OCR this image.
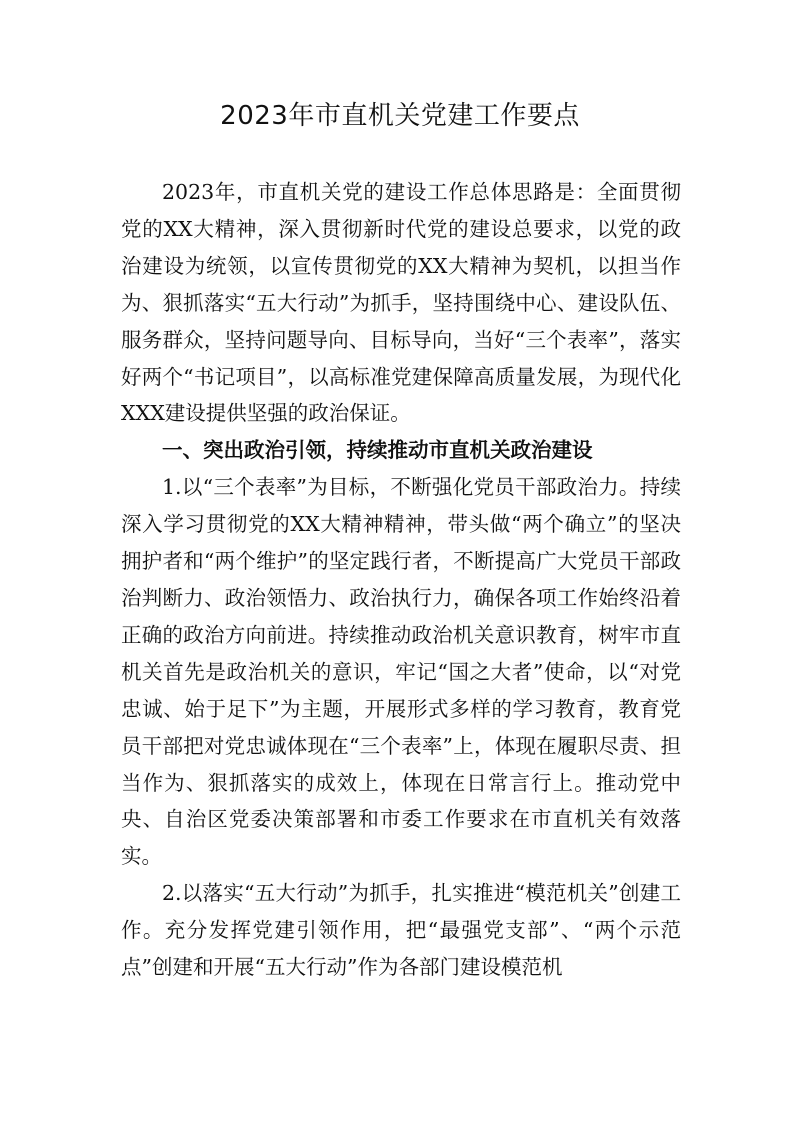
2023年市直机关党建工作要点

2023年，市直机关党的建设工作总体思路是：全面贯彻党的XX大精神，深入贯彻新时代党的建设总要求，以党的政治建设为统领，以宣传贯彻党的XX大精神为契机，以担当作为、狠抓落实“五大行动”为抓手，坚持围绕中心、建设队伍、服务群众，坚持问题导向、目标导向，当好“三个表率”，落实好两个“书记项目”，以高标准党建保障高质量发展，为现代化XXX建设提供坚强的政治保证。

一、突出政治引领，持续推动市直机关政治建设

1.以“三个表率”为目标，不断强化党员干部政治力。持续深入学习贯彻党的XX大精神精神，带头做“两个确立”的坚决拥护者和“两个维护”的坚定践行者，不断提高广大党员干部政治判断力、政治领悟力、政治执行力，确保各项工作始终沿着正确的政治方向前进。持续推动政治机关意识教育，树牢市直机关首先是政治机关的意识，牢记“国之大者”使命，以“对党忠诚、始于足下”为主题，开展形式多样的学习教育，教育党员干部把对党忠诚体现在“三个表率”上，体现在履职尽责、担当作为、狠抓落实的成效上，体现在日常言行上。推动党中央、自治区党委决策部署和市委工作要求在市直机关有效落实。

2.以落实“五大行动”为抓手，扎实推进“模范机关”创建工作。充分发挥党建引领作用，把“最强党支部”、“两个示范点”创建和开展“五大行动”作为各部门建设模范机
